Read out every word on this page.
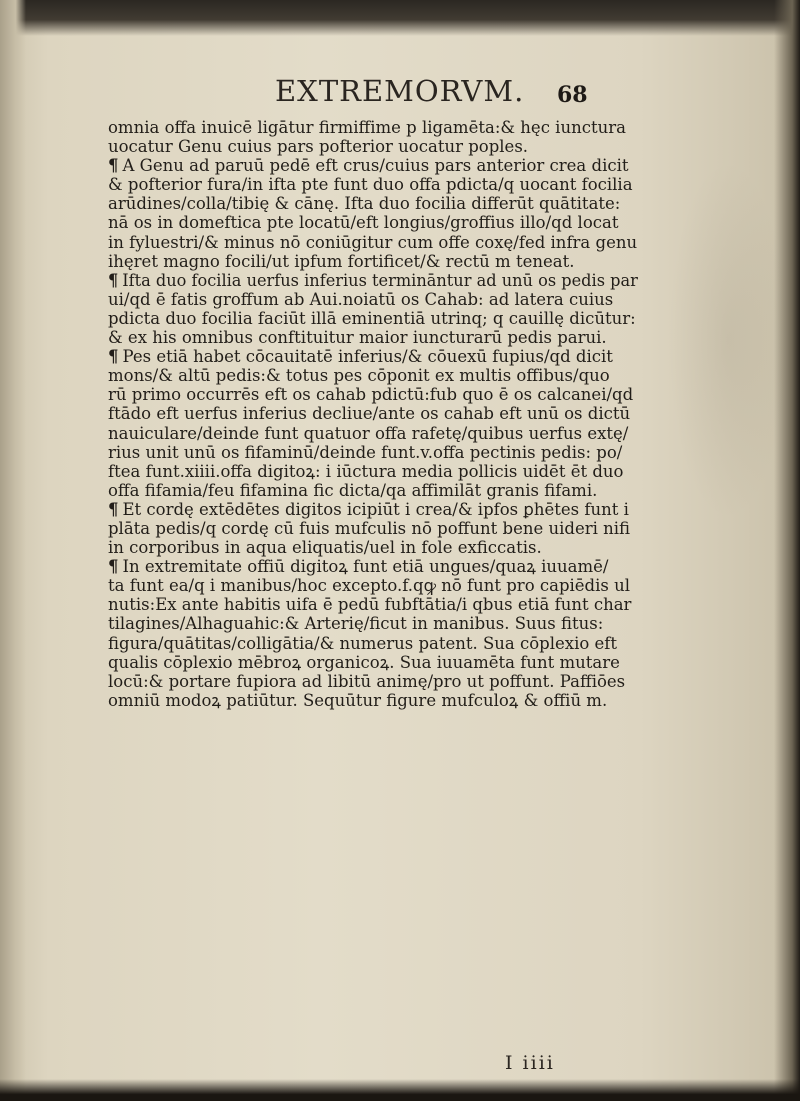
EXTREMORVM. 68
omnia offa inuicē ligātur firmiffime p ligamēta:& hęc iunctura
uocatur Genu cuius pars pofterior uocatur poples.
¶ A Genu ad paruū pedē eft crus/cuius pars anterior crea dicit
& pofterior fura/in ifta pte funt duo offa pdicta/q uocant focilia
arūdines/colla/tibię & cānę. Ifta duo focilia differūt quātitate:
nā os in domeftica pte locatū/eft longius/groffius illo/qd locat
in fyluestri/& minus nō coniūgitur cum offe coxę/fed infra genu
ihęret magno focili/ut ipfum fortificet/& rectū m teneat.
¶ Ifta duo focilia uerfus inferius termināntur ad unū os pedis par
ui/qd ē fatis groffum ab Aui.noiatū os Cahab: ad latera cuius
pdicta duo focilia faciūt illā eminentiā utrinq; q cauillę dicūtur:
& ex his omnibus conftituitur maior iuncturarū pedis parui.
¶ Pes etiā habet cōcauitatē inferius/& cōuexū fupius/qd dicit
mons/& altū pedis:& totus pes cōponit ex multis offibus/quo
rū primo occurrēs eft os cahab pdictū:fub quo ē os calcanei/qd
ftādo eft uerfus inferius decliue/ante os cahab eft unū os dictū
nauiculare/deinde funt quatuor offa rafetę/quibus uerfus extę/
rius unit unū os fifaminū/deinde funt.v.offa pectinis pedis: po/
ftea funt.xiiii.offa digitoꝝ: i iūctura media pollicis uidēt ēt duo
offa fifamia/feu fifamina fic dicta/qa affimilāt granis fifami.
¶ Et cordę extēdētes digitos icipiūt i crea/& ipfos ꝑhētes funt i
plāta pedis/q cordę cū fuis mufculis nō poffunt bene uideri nifi
in corporibus in aqua eliquatis/uel in fole exficcatis.
¶ In extremitate offiū digitoꝝ funt etiā ungues/quaꝝ iuuamē/
ta funt ea/q i manibus/hoc excepto.f.qꝙ nō funt pro capiēdis ul
nutis:Ex ante habitis uifa ē pedū fubftātia/i qbus etiā funt char
tilagines/Alhaguahic:& Arterię/ficut in manibus. Suus fitus:
figura/quātitas/colligātia/& numerus patent. Sua cōplexio eft
qualis cōplexio mēbroꝝ organicoꝝ. Sua iuuamēta funt mutare
locū:& portare fupiora ad libitū animę/pro ut poffunt. Paffiōes
omniū modoꝝ patiūtur. Sequūtur figure mufculoꝝ & offiū m.
I iiii
